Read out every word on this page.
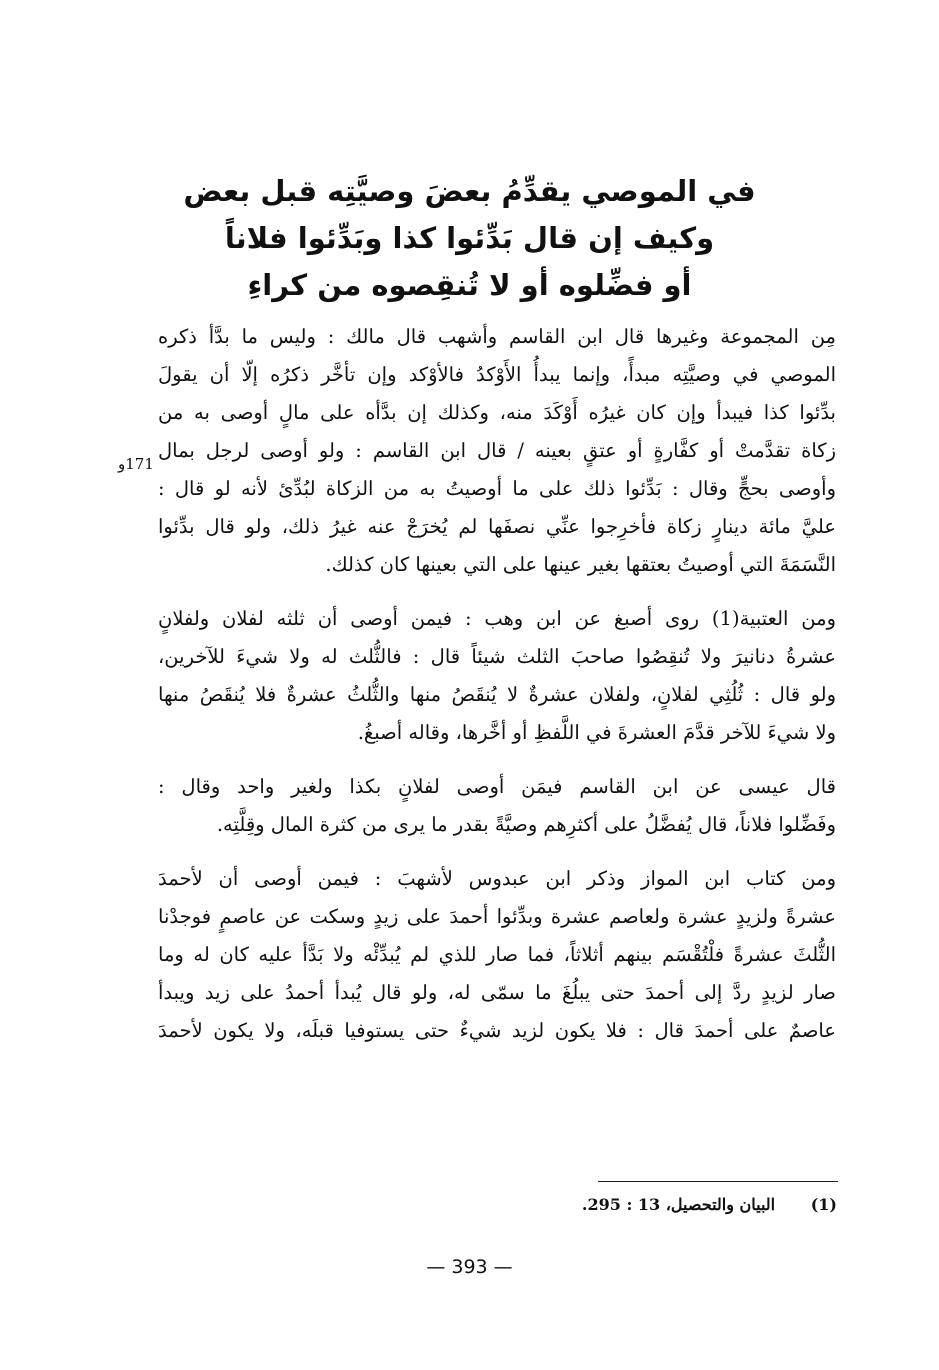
في الموصي يقدِّمُ بعضَ وصيَّتِه قبل بعض
وكيف إن قال بَدِّئوا كذا وبَدِّئوا فلاناً
أو فضِّلوه أو لا تُنقِصوه من كراءِ
171و
مِن المجموعة وغيرها قال ابن القاسم وأشهب قال مالك : وليس ما بدَّأ ذكره
الموصي في وصيَّتِه مبدأً، وإنما يبدأُ الأَوْكدُ فالأوْكد وإن تأخَّر ذكرُه إلّا أن يقولَ
بدِّئوا كذا فيبدأ وإن كان غيرُه أَوْكَدَ منه، وكذلك إن بدَّأه على مالٍ أوصى به من
زكاة تقدَّمتْ أو كفَّارةٍ أو عتقٍ بعينه / قال ابن القاسم : ولو أوصى لرجل بمال
وأوصى بحجٍّ وقال : بَدِّئوا ذلك على ما أوصيتُ به من الزكاة لبُدِّئ لأنه لو قال :
عليَّ مائة دينارٍ زكاة فأخرِجوا عنِّي نصفَها لم يُخرَجْ عنه غيرُ ذلك، ولو قال بدِّئوا
النَّسَمَةَ التي أوصيتُ بعتقها بغير عينها على التي بعينها كان كذلك.
ومن العتبية(1) روى أصبغ عن ابن وهب : فيمن أوصى أن ثلثه لفلان ولفلانٍ
عشرةُ دنانيرَ ولا تُنقِصُوا صاحبَ الثلث شيئاً قال : فالثُّلث له ولا شيءَ للآخرين،
ولو قال : ثُلُثِي لفلانٍ، ولفلان عشرةٌ لا يُنقَصُ منها والثُّلثُ عشرةٌ فلا يُنقَصُ منها
ولا شيءَ للآخر قدَّمَ العشرةَ في اللَّفظِ أو أخَّرها، وقاله أصبغُ.
قال عيسى عن ابن القاسم فيمَن أوصى لفلانٍ بكذا ولغير واحد وقال :
وفَضِّلوا فلاناً، قال يُفضَّلُ على أكثرِهم وصيَّةً بقدر ما يرى من كثرة المال وقِلَّتِه.
ومن كتاب ابن المواز وذكر ابن عبدوس لأشهبَ : فيمن أوصى أن لأحمدَ
عشرةً ولزيدٍ عشرة ولعاصم عشرة وبدِّئوا أحمدَ على زيدٍ وسكت عن عاصمٍ فوجدْنا
الثُّلثَ عشرةً فلْتُقْسَم بينهم أثلاثاً، فما صار للذي لم يُبدِّئْه ولا بَدَّأ عليه كان له وما
صار لزيدٍ ردَّ إلى أحمدَ حتى يبلُغَ ما سمّى له، ولو قال يُبدأ أحمدُ على زيد ويبدأ
عاصمٌ على أحمدَ قال : فلا يكون لزيد شيءٌ حتى يستوفيا قبلَه، ولا يكون لأحمدَ
(1) البيان والتحصيل، 13 : 295.
— 393 —
